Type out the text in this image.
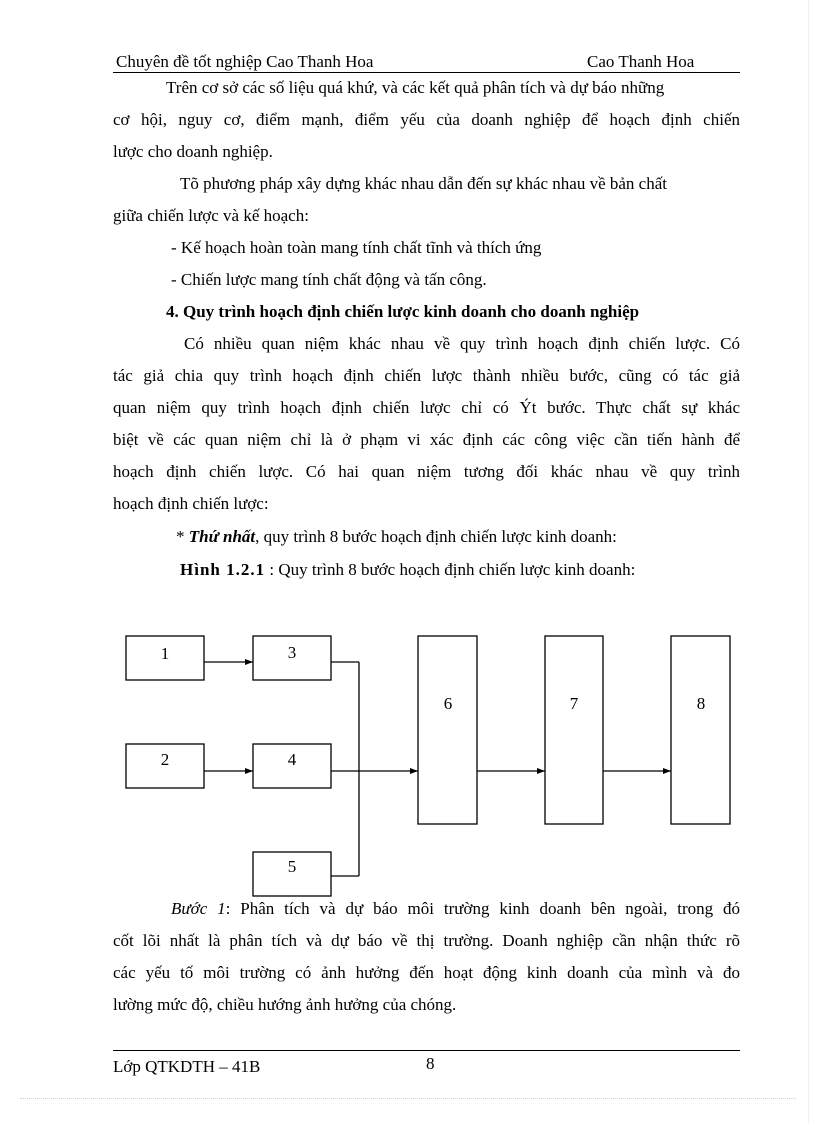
Chuyên đề tốt nghiệp Cao Thanh Hoa	Cao Thanh Hoa
Trên cơ sở các số liệu quá khứ, và các kết quả phân tích và dự báo những
cơ hội, nguy cơ, điểm mạnh, điểm yếu của doanh nghiệp để hoạch định chiến
lược cho doanh nghiệp.
Tõ phương pháp xây dựng khác nhau dẫn đến sự khác nhau về bản chất
giữa chiến lược và kế hoạch:
- Kế hoạch hoàn toàn mang tính chất tĩnh và thích ứng
- Chiến lược mang tính chất động và tấn công.
4. Quy trình hoạch định chiến lược kinh doanh cho doanh nghiệp
Có nhiều quan niệm khác nhau về quy trình hoạch định chiến lược. Có
tác giả chia quy trình hoạch định chiến lược thành nhiều bước, cũng có tác giả
quan niệm quy trình hoạch định chiến lược chỉ có Ýt bước. Thực chất sự khác
biệt về các quan niệm chỉ là ở phạm vi xác định các công việc cần tiến hành để
hoạch định chiến lược. Có hai quan niệm tương đối khác nhau về quy trình
hoạch định chiến lược:
* Thứ nhất, quy trình 8 bước hoạch định chiến lược kinh doanh:
Hình 1.2.1 : Quy trình 8 bước hoạch định chiến lược kinh doanh:
1
2
3
4
5
6	7	8
Bước 1: Phân tích và dự báo môi trường kinh doanh bên ngoài, trong đó
cốt lõi nhất là phân tích và dự báo về thị trường. Doanh nghiệp cần nhận thức rõ
các yếu tố môi trường có ảnh hưởng đến hoạt động kinh doanh của mình và đo
lường mức độ, chiều hướng ảnh hưởng của chóng.
Lớp QTKDTH – 41B	8
